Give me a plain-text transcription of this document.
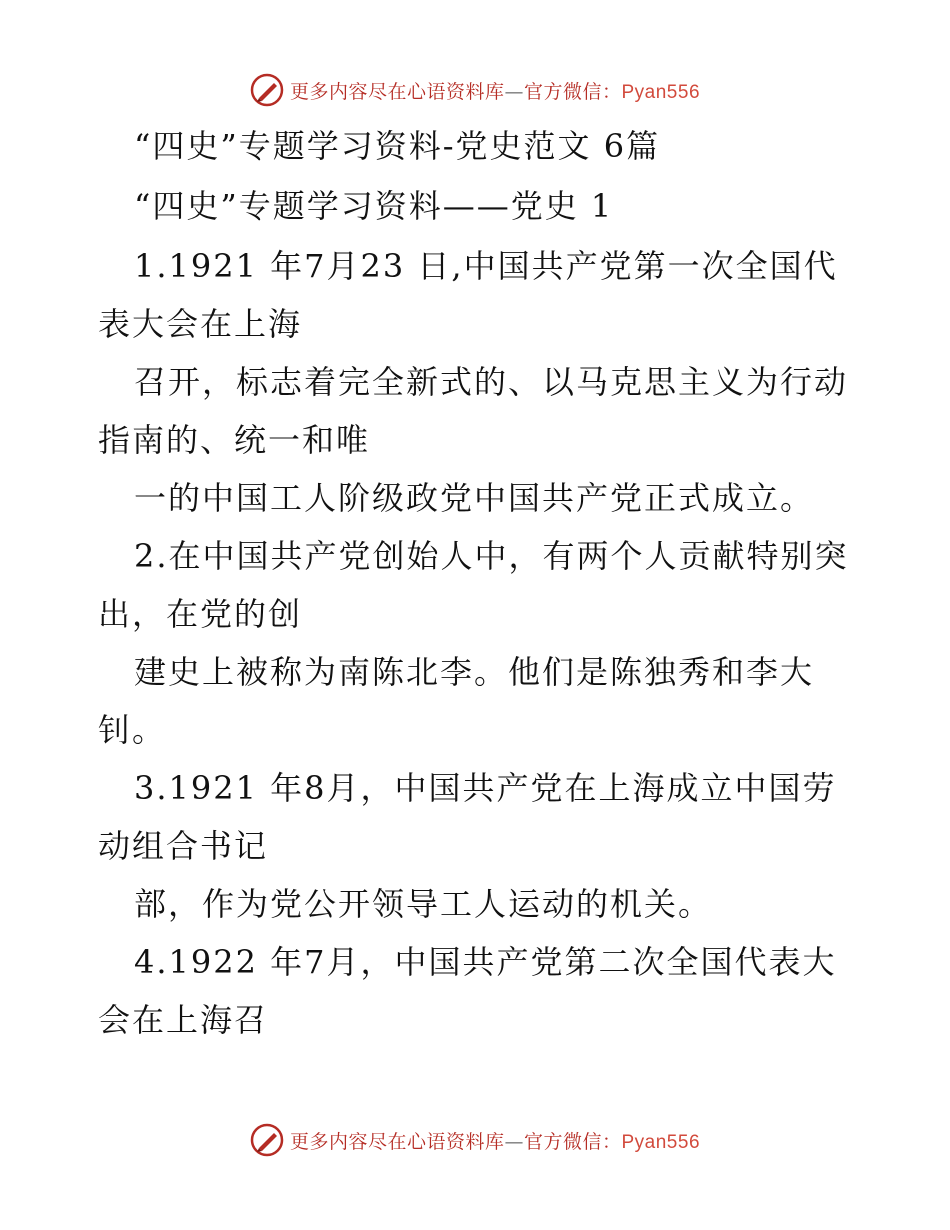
更多内容尽在心语资料库—官方微信：Pyan556
“四史”专题学习资料-党史范文 6篇
“四史”专题学习资料——党史 1
1.1921 年7月23 日,中国共产党第一次全国代
表大会在上海
召开，标志着完全新式的、以马克思主义为行动
指南的、统一和唯
一的中国工人阶级政党中国共产党正式成立。
2.在中国共产党创始人中，有两个人贡献特别突
出，在党的创
建史上被称为南陈北李。他们是陈独秀和李大
钊。
3.1921 年8月，中国共产党在上海成立中国劳
动组合书记
部，作为党公开领导工人运动的机关。
4.1922 年7月，中国共产党第二次全国代表大
会在上海召
更多内容尽在心语资料库—官方微信：Pyan556
